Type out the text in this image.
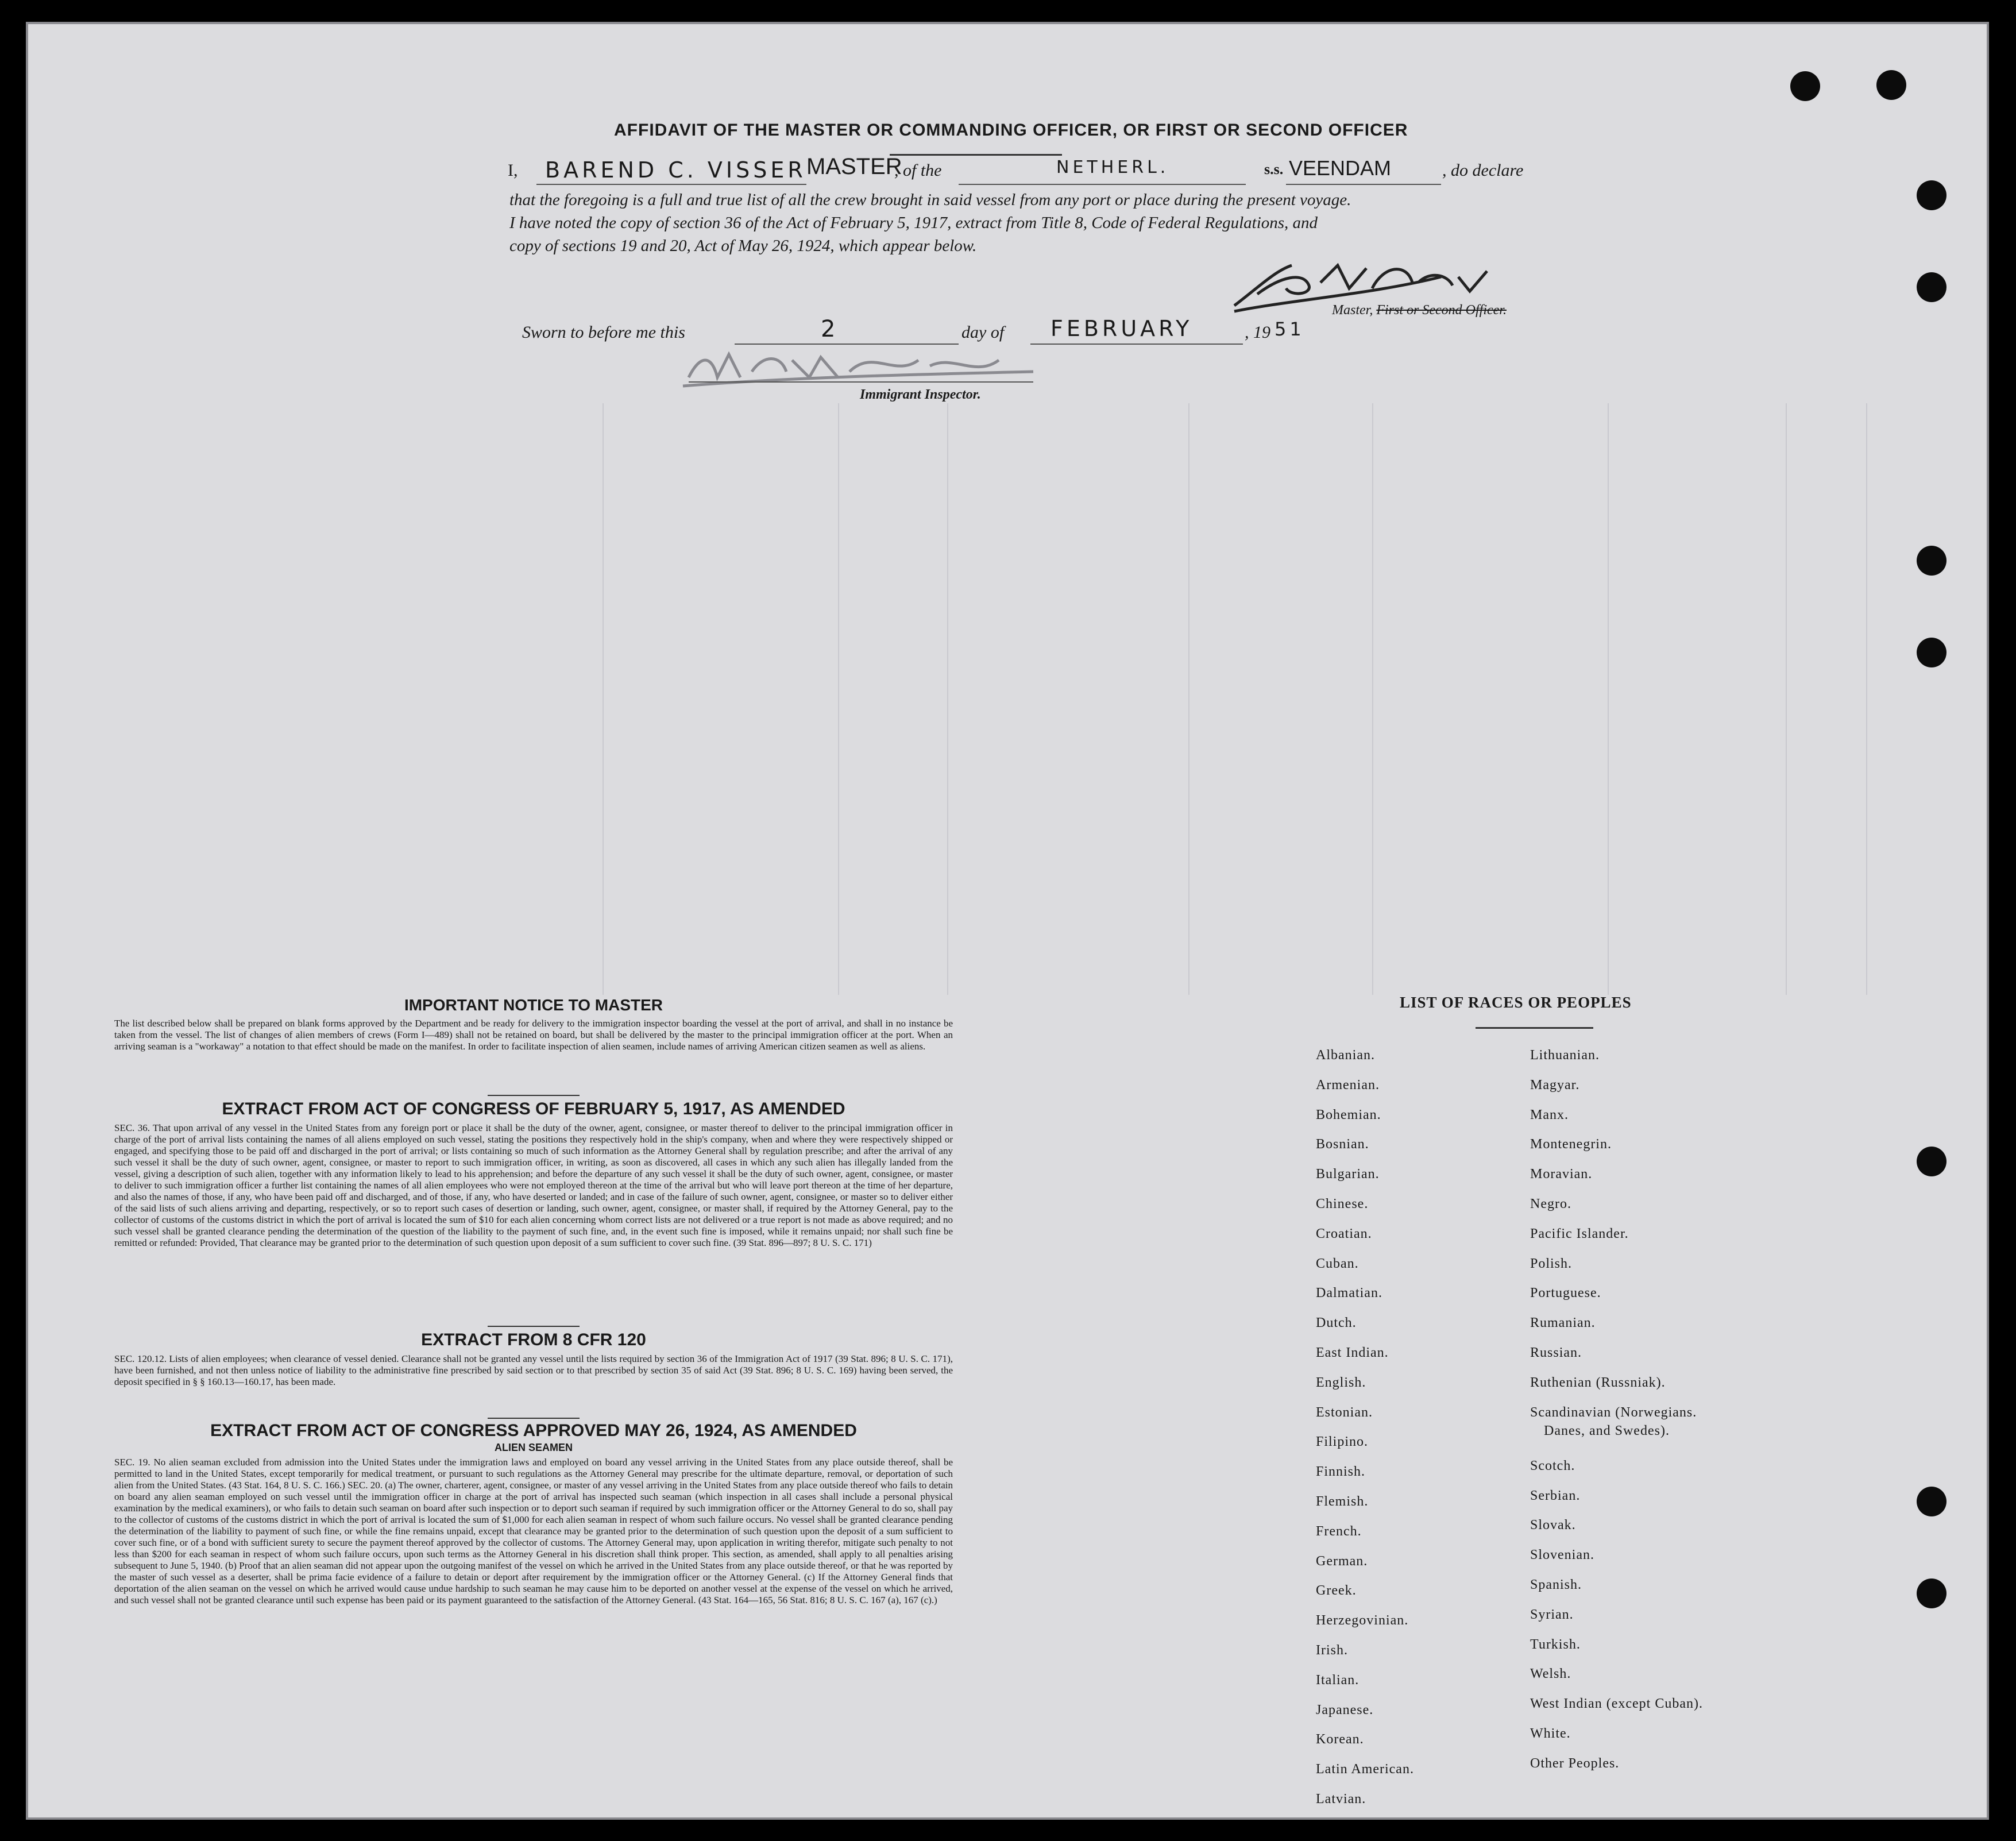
AFFIDAVIT OF THE MASTER OR COMMANDING OFFICER, OR FIRST OR SECOND OFFICER
I, BAREND C. VISSER MASTER
, of the	NETHERL.	s.s. VEENDAM	, do declare
that the foregoing is a full and true list of all the crew brought in said vessel from any port or place during the present voyage.
I have noted the copy of section 36 of the Act of February 5, 1917, extract from Title 8, Code of Federal Regulations, and
copy of sections 19 and 20, Act of May 26, 1924, which appear below.
Master, First or Second Officer.
Sworn to before me this	2	day of FEBRUARY	, 19 51
Immigrant Inspector.
IMPORTANT NOTICE TO MASTER
The list described below shall be prepared on blank forms approved by the Department and be ready for delivery to the immigration inspector boarding the vessel at the port of arrival, and shall in no instance be taken from the vessel. The list of changes of alien members of crews (Form I—489) shall not be retained on board, but shall be delivered by the master to the principal immigration officer at the port. When an arriving seaman is a "workaway" a notation to that effect should be made on the manifest. In order to facilitate inspection of alien seamen, include names of arriving American citizen seamen as well as aliens.
EXTRACT FROM ACT OF CONGRESS OF FEBRUARY 5, 1917, AS AMENDED
SEC. 36. That upon arrival of any vessel in the United States from any foreign port or place it shall be the duty of the owner, agent, consignee, or master thereof to deliver to the principal immigration officer in charge of the port of arrival lists containing the names of all aliens employed on such vessel, stating the positions they respectively hold in the ship's company, when and where they were respectively shipped or engaged, and specifying those to be paid off and discharged in the port of arrival; or lists containing so much of such information as the Attorney General shall by regulation prescribe; and after the arrival of any such vessel it shall be the duty of such owner, agent, consignee, or master to report to such immigration officer, in writing, as soon as discovered, all cases in which any such alien has illegally landed from the vessel, giving a description of such alien, together with any information likely to lead to his apprehension; and before the departure of any such vessel it shall be the duty of such owner, agent, consignee, or master to deliver to such immigration officer a further list containing the names of all alien employees who were not employed thereon at the time of the arrival but who will leave port thereon at the time of her departure, and also the names of those, if any, who have been paid off and discharged, and of those, if any, who have deserted or landed; and in case of the failure of such owner, agent, consignee, or master so to deliver either of the said lists of such aliens arriving and departing, respectively, or so to report such cases of desertion or landing, such owner, agent, consignee, or master shall, if required by the Attorney General, pay to the collector of customs of the customs district in which the port of arrival is located the sum of $10 for each alien concerning whom correct lists are not delivered or a true report is not made as above required; and no such vessel shall be granted clearance pending the determination of the question of the liability to the payment of such fine, and, in the event such fine is imposed, while it remains unpaid; nor shall such fine be remitted or refunded: Provided, That clearance may be granted prior to the determination of such question upon deposit of a sum sufficient to cover such fine. (39 Stat. 896—897; 8 U. S. C. 171)
EXTRACT FROM 8 CFR 120
SEC. 120.12. Lists of alien employees; when clearance of vessel denied. Clearance shall not be granted any vessel until the lists required by section 36 of the Immigration Act of 1917 (39 Stat. 896; 8 U. S. C. 171), have been furnished, and not then unless notice of liability to the administrative fine prescribed by said section or to that prescribed by section 35 of said Act (39 Stat. 896; 8 U. S. C. 169) having been served, the deposit specified in § § 160.13—160.17, has been made.
EXTRACT FROM ACT OF CONGRESS APPROVED MAY 26, 1924, AS AMENDED
ALIEN SEAMEN
SEC. 19. No alien seaman excluded from admission into the United States under the immigration laws and employed on board any vessel arriving in the United States from any place outside thereof, shall be permitted to land in the United States, except temporarily for medical treatment, or pursuant to such regulations as the Attorney General may prescribe for the ultimate departure, removal, or deportation of such alien from the United States. (43 Stat. 164, 8 U. S. C. 166.) SEC. 20. (a) The owner, charterer, agent, consignee, or master of any vessel arriving in the United States from any place outside thereof who fails to detain on board any alien seaman employed on such vessel until the immigration officer in charge at the port of arrival has inspected such seaman (which inspection in all cases shall include a personal physical examination by the medical examiners), or who fails to detain such seaman on board after such inspection or to deport such seaman if required by such immigration officer or the Attorney General to do so, shall pay to the collector of customs of the customs district in which the port of arrival is located the sum of $1,000 for each alien seaman in respect of whom such failure occurs. No vessel shall be granted clearance pending the determination of the liability to payment of such fine, or while the fine remains unpaid, except that clearance may be granted prior to the determination of such question upon the deposit of a sum sufficient to cover such fine, or of a bond with sufficient surety to secure the payment thereof approved by the collector of customs. The Attorney General may, upon application in writing therefor, mitigate such penalty to not less than $200 for each seaman in respect of whom such failure occurs, upon such terms as the Attorney General in his discretion shall think proper. This section, as amended, shall apply to all penalties arising subsequent to June 5, 1940. (b) Proof that an alien seaman did not appear upon the outgoing manifest of the vessel on which he arrived in the United States from any place outside thereof, or that he was reported by the master of such vessel as a deserter, shall be prima facie evidence of a failure to detain or deport after requirement by the immigration officer or the Attorney General. (c) If the Attorney General finds that deportation of the alien seaman on the vessel on which he arrived would cause undue hardship to such seaman he may cause him to be deported on another vessel at the expense of the vessel on which he arrived, and such vessel shall not be granted clearance until such expense has been paid or its payment guaranteed to the satisfaction of the Attorney General. (43 Stat. 164—165, 56 Stat. 816; 8 U. S. C. 167 (a), 167 (c).)
LIST OF RACES OR PEOPLES
Albanian.
Armenian.
Bohemian.
Bosnian.
Bulgarian.
Chinese.
Croatian.
Cuban.
Dalmatian.
Dutch.
East Indian.
English.
Estonian.
Filipino.
Finnish.
Flemish.
French.
German.
Greek.
Herzegovinian.
Irish.
Italian.
Japanese.
Korean.
Latin American.
Latvian.
Lithuanian.
Magyar.
Manx.
Montenegrin.
Moravian.
Negro.
Pacific Islander.
Polish.
Portuguese.
Rumanian.
Russian.
Ruthenian (Russniak).
Scandinavian (Norwegians.
Danes, and Swedes).
Scotch.
Serbian.
Slovak.
Slovenian.
Spanish.
Syrian.
Turkish.
Welsh.
West Indian (except Cuban).
White.
Other Peoples.
